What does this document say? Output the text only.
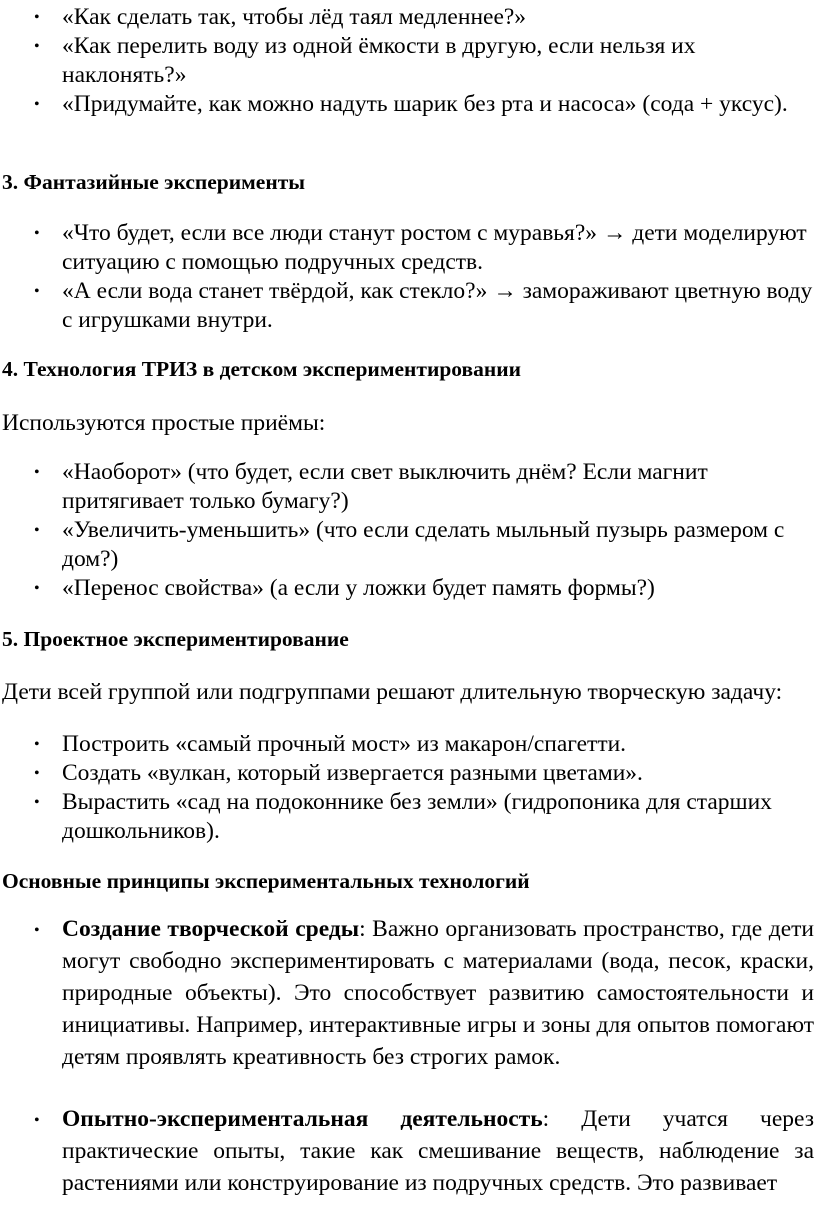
• «Как сделать так, чтобы лёд таял медленнее?»
• «Как перелить воду из одной ёмкости в другую, если нельзя их наклонять?»
• «Придумайте, как можно надуть шарик без рта и насоса» (сода + уксус).

3. Фантазийные эксперименты

• «Что будет, если все люди станут ростом с муравья?» → дети моделируют ситуацию с помощью подручных средств.
• «А если вода станет твёрдой, как стекло?» → замораживают цветную воду с игрушками внутри.

4. Технология ТРИЗ в детском экспериментировании

Используются простые приёмы:

• «Наоборот» (что будет, если свет выключить днём? Если магнит притягивает только бумагу?)
• «Увеличить-уменьшить» (что если сделать мыльный пузырь размером с дом?)
• «Перенос свойства» (а если у ложки будет память формы?)

5. Проектное экспериментирование

Дети всей группой или подгруппами решают длительную творческую задачу:

• Построить «самый прочный мост» из макарон/спагетти.
• Создать «вулкан, который извергается разными цветами».
• Вырастить «сад на подоконнике без земли» (гидропоника для старших дошкольников).

Основные принципы экспериментальных технологий

• Создание творческой среды: Важно организовать пространство, где дети могут свободно экспериментировать с материалами (вода, песок, краски, природные объекты). Это способствует развитию самостоятельности и инициативы. Например, интерактивные игры и зоны для опытов помогают детям проявлять креативность без строгих рамок.
• Опытно-экспериментальная деятельность: Дети учатся через практические опыты, такие как смешивание веществ, наблюдение за растениями или конструирование из подручных средств. Это развивает
